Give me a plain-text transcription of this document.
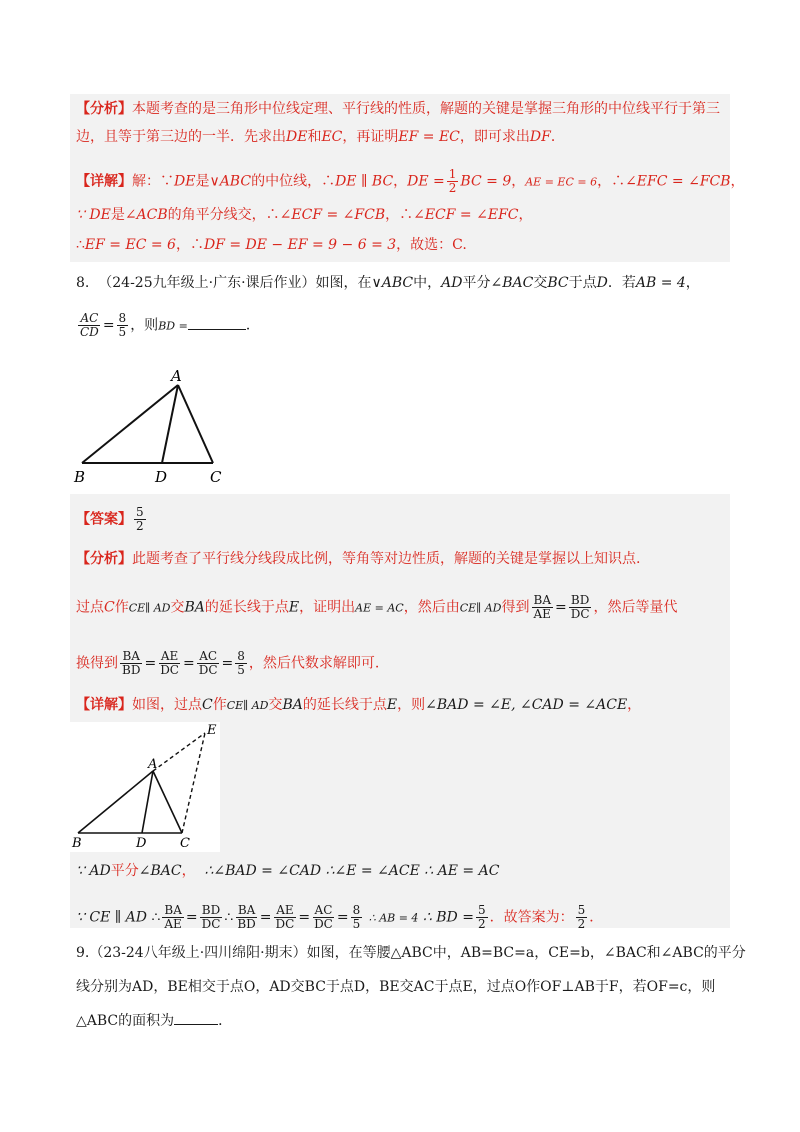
【分析】本题考查的是三角形中位线定理、平行线的性质，解题的关键是掌握三角形的中位线平行于第三
边，且等于第三边的一半．先求出DE和EC，再证明EF = EC，即可求出DF．
【详解】解：∵DE是∨ABC的中位线，∴DE ∥ BC，DE = $\frac{1}{2}$ BC = 9，AE = EC = 6，∴∠EFC = ∠FCB，
∵ DE是∠ACB的角平分线交，∴∠ECF = ∠FCB，∴∠ECF = ∠EFC，
∴EF = EC = 6，∴DF = DE − EF = 9 − 6 = 3，故选：C.
8. （24-25九年级上·广东·课后作业）如图，在∨ABC中，AD平分∠BAC交BC于点D．若AB = 4，
$\frac{AC}{CD} = \frac{8}{5}$ ，则BD =	．
A
B	D	C
【答案】 $\frac{5}{2}$
【分析】此题考查了平行线分线段成比例，等角等对边性质，解题的关键是掌握以上知识点.
过点C作CE∥ AD交BA的延长线于点E，证明出AE = AC，然后由CE∥ AD得到 $\frac{BA}{AE} = \frac{BD}{DC}$ ，然后等量代
换得到 $\frac{BA}{BD} = \frac{AE}{DC} = \frac{AC}{DC} = \frac{8}{5}$ ，然后代数求解即可.
【详解】如图，过点C作CE∥ AD交BA的延长线于点E，则∠BAD = ∠E, ∠CAD = ∠ACE，
E
A
B	D	C
∵ AD平分∠BAC， ∴∠BAD = ∠CAD ∴∠E = ∠ACE ∴ AE = AC
∵ CE ∥ AD ∴ $\frac{BA}{AE} = \frac{BD}{DC}$ ∴ $\frac{BA}{BD} = \frac{AE}{DC} = \frac{AC}{DC} = \frac{8}{5}$ ∴ AB = 4 ∴ BD = $\frac{5}{2}$ ．故答案为： $\frac{5}{2}$ ．
9.（23-24八年级上·四川绵阳·期末）如图，在等腰△ABC中，AB=BC=a，CE=b，∠BAC和∠ABC的平分
线分别为AD，BE相交于点O，AD交BC于点D，BE交AC于点E，过点O作OF⊥AB于F，若OF=c，则
△ABC的面积为	．
